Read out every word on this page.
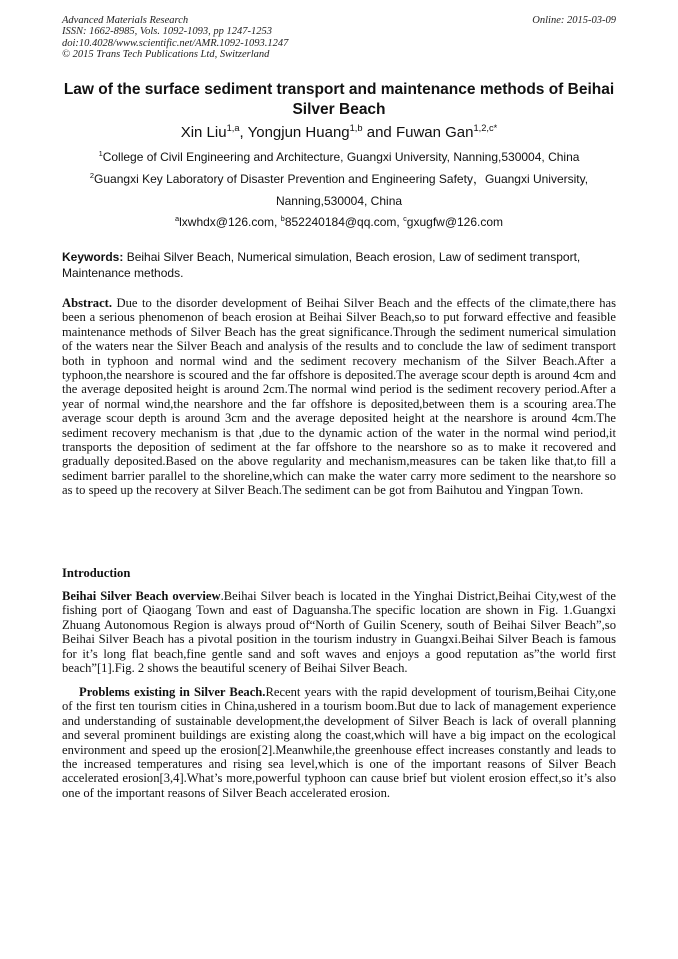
Advanced Materials Research
ISSN: 1662-8985, Vols. 1092-1093, pp 1247-1253
doi:10.4028/www.scientific.net/AMR.1092-1093.1247
© 2015 Trans Tech Publications Ltd, Switzerland
Online: 2015-03-09
Law of the surface sediment transport and maintenance methods of Beihai Silver Beach
Xin Liu$^{1,a}$, Yongjun Huang$^{1,b}$ and Fuwan Gan$^{1,2,c*}$
$^1$College of Civil Engineering and Architecture, Guangxi University, Nanning,530004, China
$^2$Guangxi Key Laboratory of Disaster Prevention and Engineering Safety，Guangxi University,
Nanning,530004, China
$^a$lxwhdx@126.com, $^b$852240184@qq.com, $^c$gxugfw@126.com
Keywords: Beihai Silver Beach, Numerical simulation, Beach erosion, Law of sediment transport, Maintenance methods.
Abstract. Due to the disorder development of Beihai Silver Beach and the effects of the climate,there has been a serious phenomenon of beach erosion at Beihai Silver Beach,so to put forward effective and feasible maintenance methods of Silver Beach has the great significance.Through the sediment numerical simulation of the waters near the Silver Beach and analysis of the results and to conclude the law of sediment transport both in typhoon and normal wind and the sediment recovery mechanism of the Silver Beach.After a typhoon,the nearshore is scoured and the far offshore is deposited.The average scour depth is around 4cm and the average deposited height is around 2cm.The normal wind period is the sediment recovery period.After a year of normal wind,the nearshore and the far offshore is deposited,between them is a scouring area.The average scour depth is around 3cm and the average deposited height at the nearshore is around 4cm.The sediment recovery mechanism is that ,due to the dynamic action of the water in the normal wind period,it transports the deposition of sediment at the far offshore to the nearshore so as to make it recovered and gradually deposited.Based on the above regularity and mechanism,measures can be taken like that,to fill a sediment barrier parallel to the shoreline,which can make the water carry more sediment to the nearshore so as to speed up the recovery at Silver Beach.The sediment can be got from Baihutou and Yingpan Town.
Introduction
Beihai Silver Beach overview.Beihai Silver beach is located in the Yinghai District,Beihai City,west of the fishing port of Qiaogang Town and east of Daguansha.The specific location are shown in Fig. 1.Guangxi Zhuang Autonomous Region is always proud of“North of Guilin Scenery, south of Beihai Silver Beach”,so Beihai Silver Beach has a pivotal position in the tourism industry in Guangxi.Beihai Silver Beach is famous for it’s long flat beach,fine gentle sand and soft waves and enjoys a good reputation as”the world first beach”[1].Fig. 2 shows the beautiful scenery of Beihai Silver Beach.
Problems existing in Silver Beach.Recent years with the rapid development of tourism,Beihai City,one of the first ten tourism cities in China,ushered in a tourism boom.But due to lack of management experience and understanding of sustainable development,the development of Silver Beach is lack of overall planning and several prominent buildings are existing along the coast,which will have a big impact on the ecological environment and speed up the erosion[2].Meanwhile,the greenhouse effect increases constantly and leads to the increased temperatures and rising sea level,which is one of the important reasons of Silver Beach accelerated erosion[3,4].What’s more,powerful typhoon can cause brief but violent erosion effect,so it’s also one of the important reasons of Silver Beach accelerated erosion.
